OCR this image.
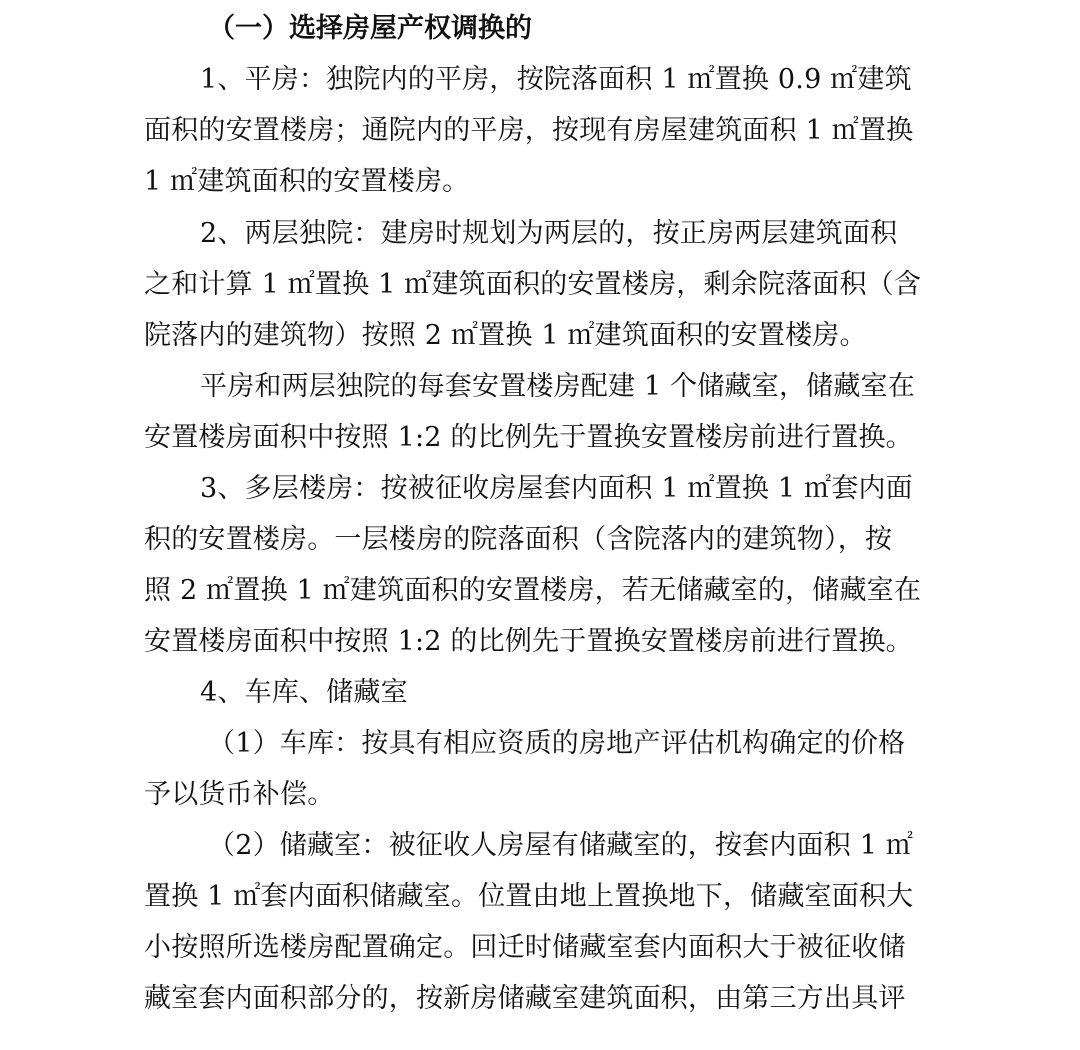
（一）选择房屋产权调换的
1、平房：独院内的平房，按院落面积 1 ㎡置换 0.9 ㎡建筑
面积的安置楼房；通院内的平房，按现有房屋建筑面积 1 ㎡置换
1 ㎡建筑面积的安置楼房。
2、两层独院：建房时规划为两层的，按正房两层建筑面积
之和计算 1 ㎡置换 1 ㎡建筑面积的安置楼房，剩余院落面积（含
院落内的建筑物）按照 2 ㎡置换 1 ㎡建筑面积的安置楼房。
平房和两层独院的每套安置楼房配建 1 个储藏室，储藏室在
安置楼房面积中按照 1:2 的比例先于置换安置楼房前进行置换。
3、多层楼房：按被征收房屋套内面积 1 ㎡置换 1 ㎡套内面
积的安置楼房。一层楼房的院落面积（含院落内的建筑物），按
照 2 ㎡置换 1 ㎡建筑面积的安置楼房，若无储藏室的，储藏室在
安置楼房面积中按照 1:2 的比例先于置换安置楼房前进行置换。
4、车库、储藏室
（1）车库：按具有相应资质的房地产评估机构确定的价格
予以货币补偿。
（2）储藏室：被征收人房屋有储藏室的，按套内面积 1 ㎡
置换 1 ㎡套内面积储藏室。位置由地上置换地下，储藏室面积大
小按照所选楼房配置确定。回迁时储藏室套内面积大于被征收储
藏室套内面积部分的，按新房储藏室建筑面积，由第三方出具评
